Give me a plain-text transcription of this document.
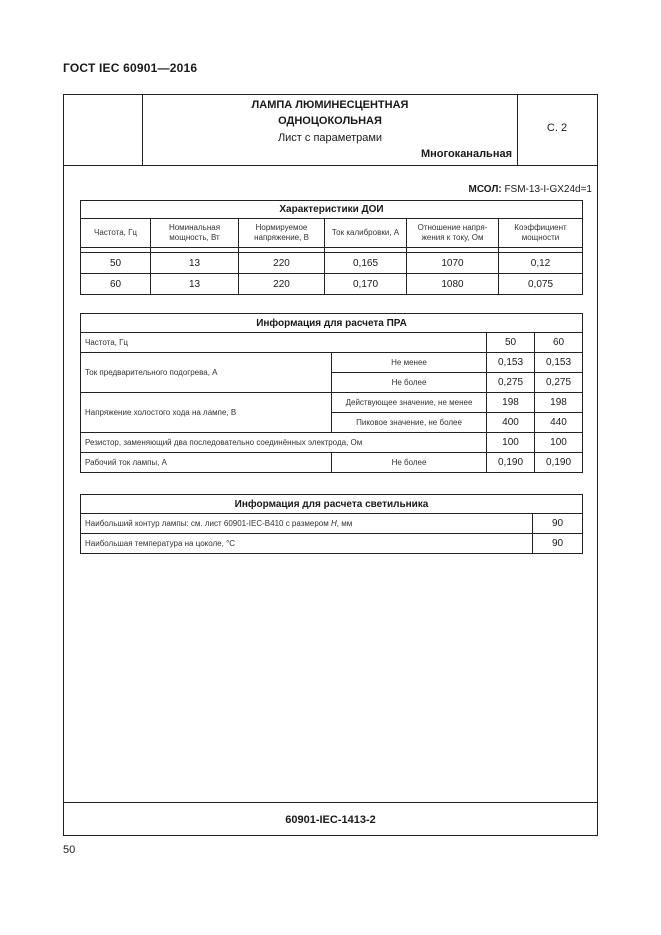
ГОСТ IEC 60901—2016
ЛАМПА ЛЮМИНЕСЦЕНТНАЯ
ОДНОЦОКОЛЬНАЯ
Лист с параметрами
Многоканальная
С. 2
МСОЛ: FSM-13-I-GX24d=1
Характеристики ДОИ					
Частота, Гц	Номинальная мощность, Вт	Нормируемое напряжение, В	Ток калибровки, А	Отношение напря-жения к току, Ом	Коэффициент мощности

50	13	220	0,165	1070	0,12
60	13	220	0,170	1080	0,075
Информация для расчета ПРА			
Частота, Гц		50	60
Ток предварительного подогрева, А	Не менее	0,153	0,153
	Не более	0,275	0,275
Напряжение холостого хода на лампе, В	Действующее значение, не менее	198	198
	Пиковое значение, не более	400	440
Резистор, заменяющий два последовательно соединённых электрода, Ом		100	100
Рабочий ток лампы, А	Не более	0,190	0,190
Информация для расчета светильника	
Наибольший контур лампы: см. лист 60901-IEC-B410 с размером H, мм	90
Наибольшая температура на цоколе, °С	90
60901-IEC-1413-2
50
